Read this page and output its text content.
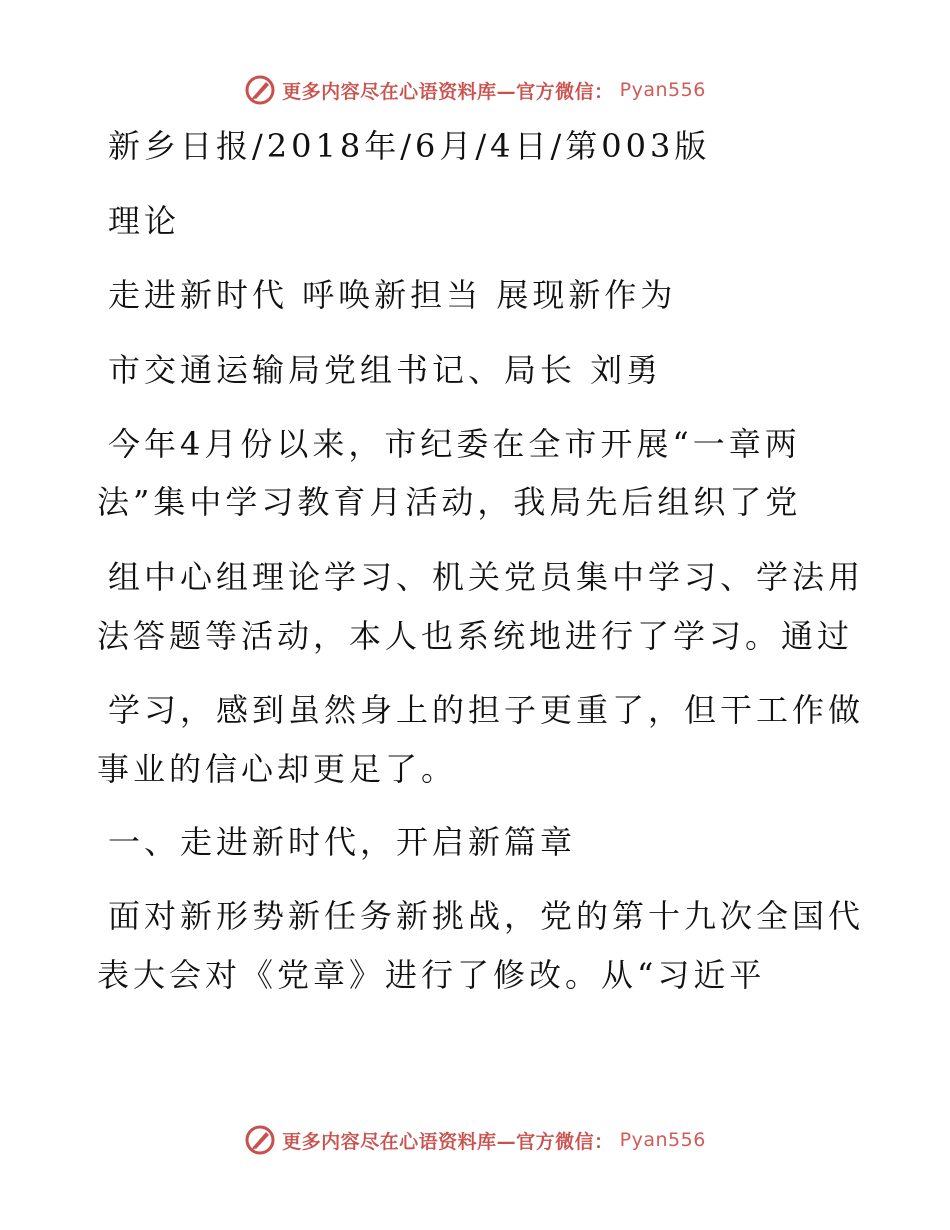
更多内容尽在心语资料库—官方微信： Pyan556
新乡日报/2018年/6月/4日/第003版
理论
走进新时代 呼唤新担当 展现新作为
市交通运输局党组书记、局长 刘勇
今年4月份以来，市纪委在全市开展“一章两
法”集中学习教育月活动，我局先后组织了党
组中心组理论学习、机关党员集中学习、学法用
法答题等活动，本人也系统地进行了学习。通过
学习，感到虽然身上的担子更重了，但干工作做
事业的信心却更足了。
一、走进新时代，开启新篇章
面对新形势新任务新挑战，党的第十九次全国代
表大会对《党章》进行了修改。从“习近平
更多内容尽在心语资料库—官方微信： Pyan556
